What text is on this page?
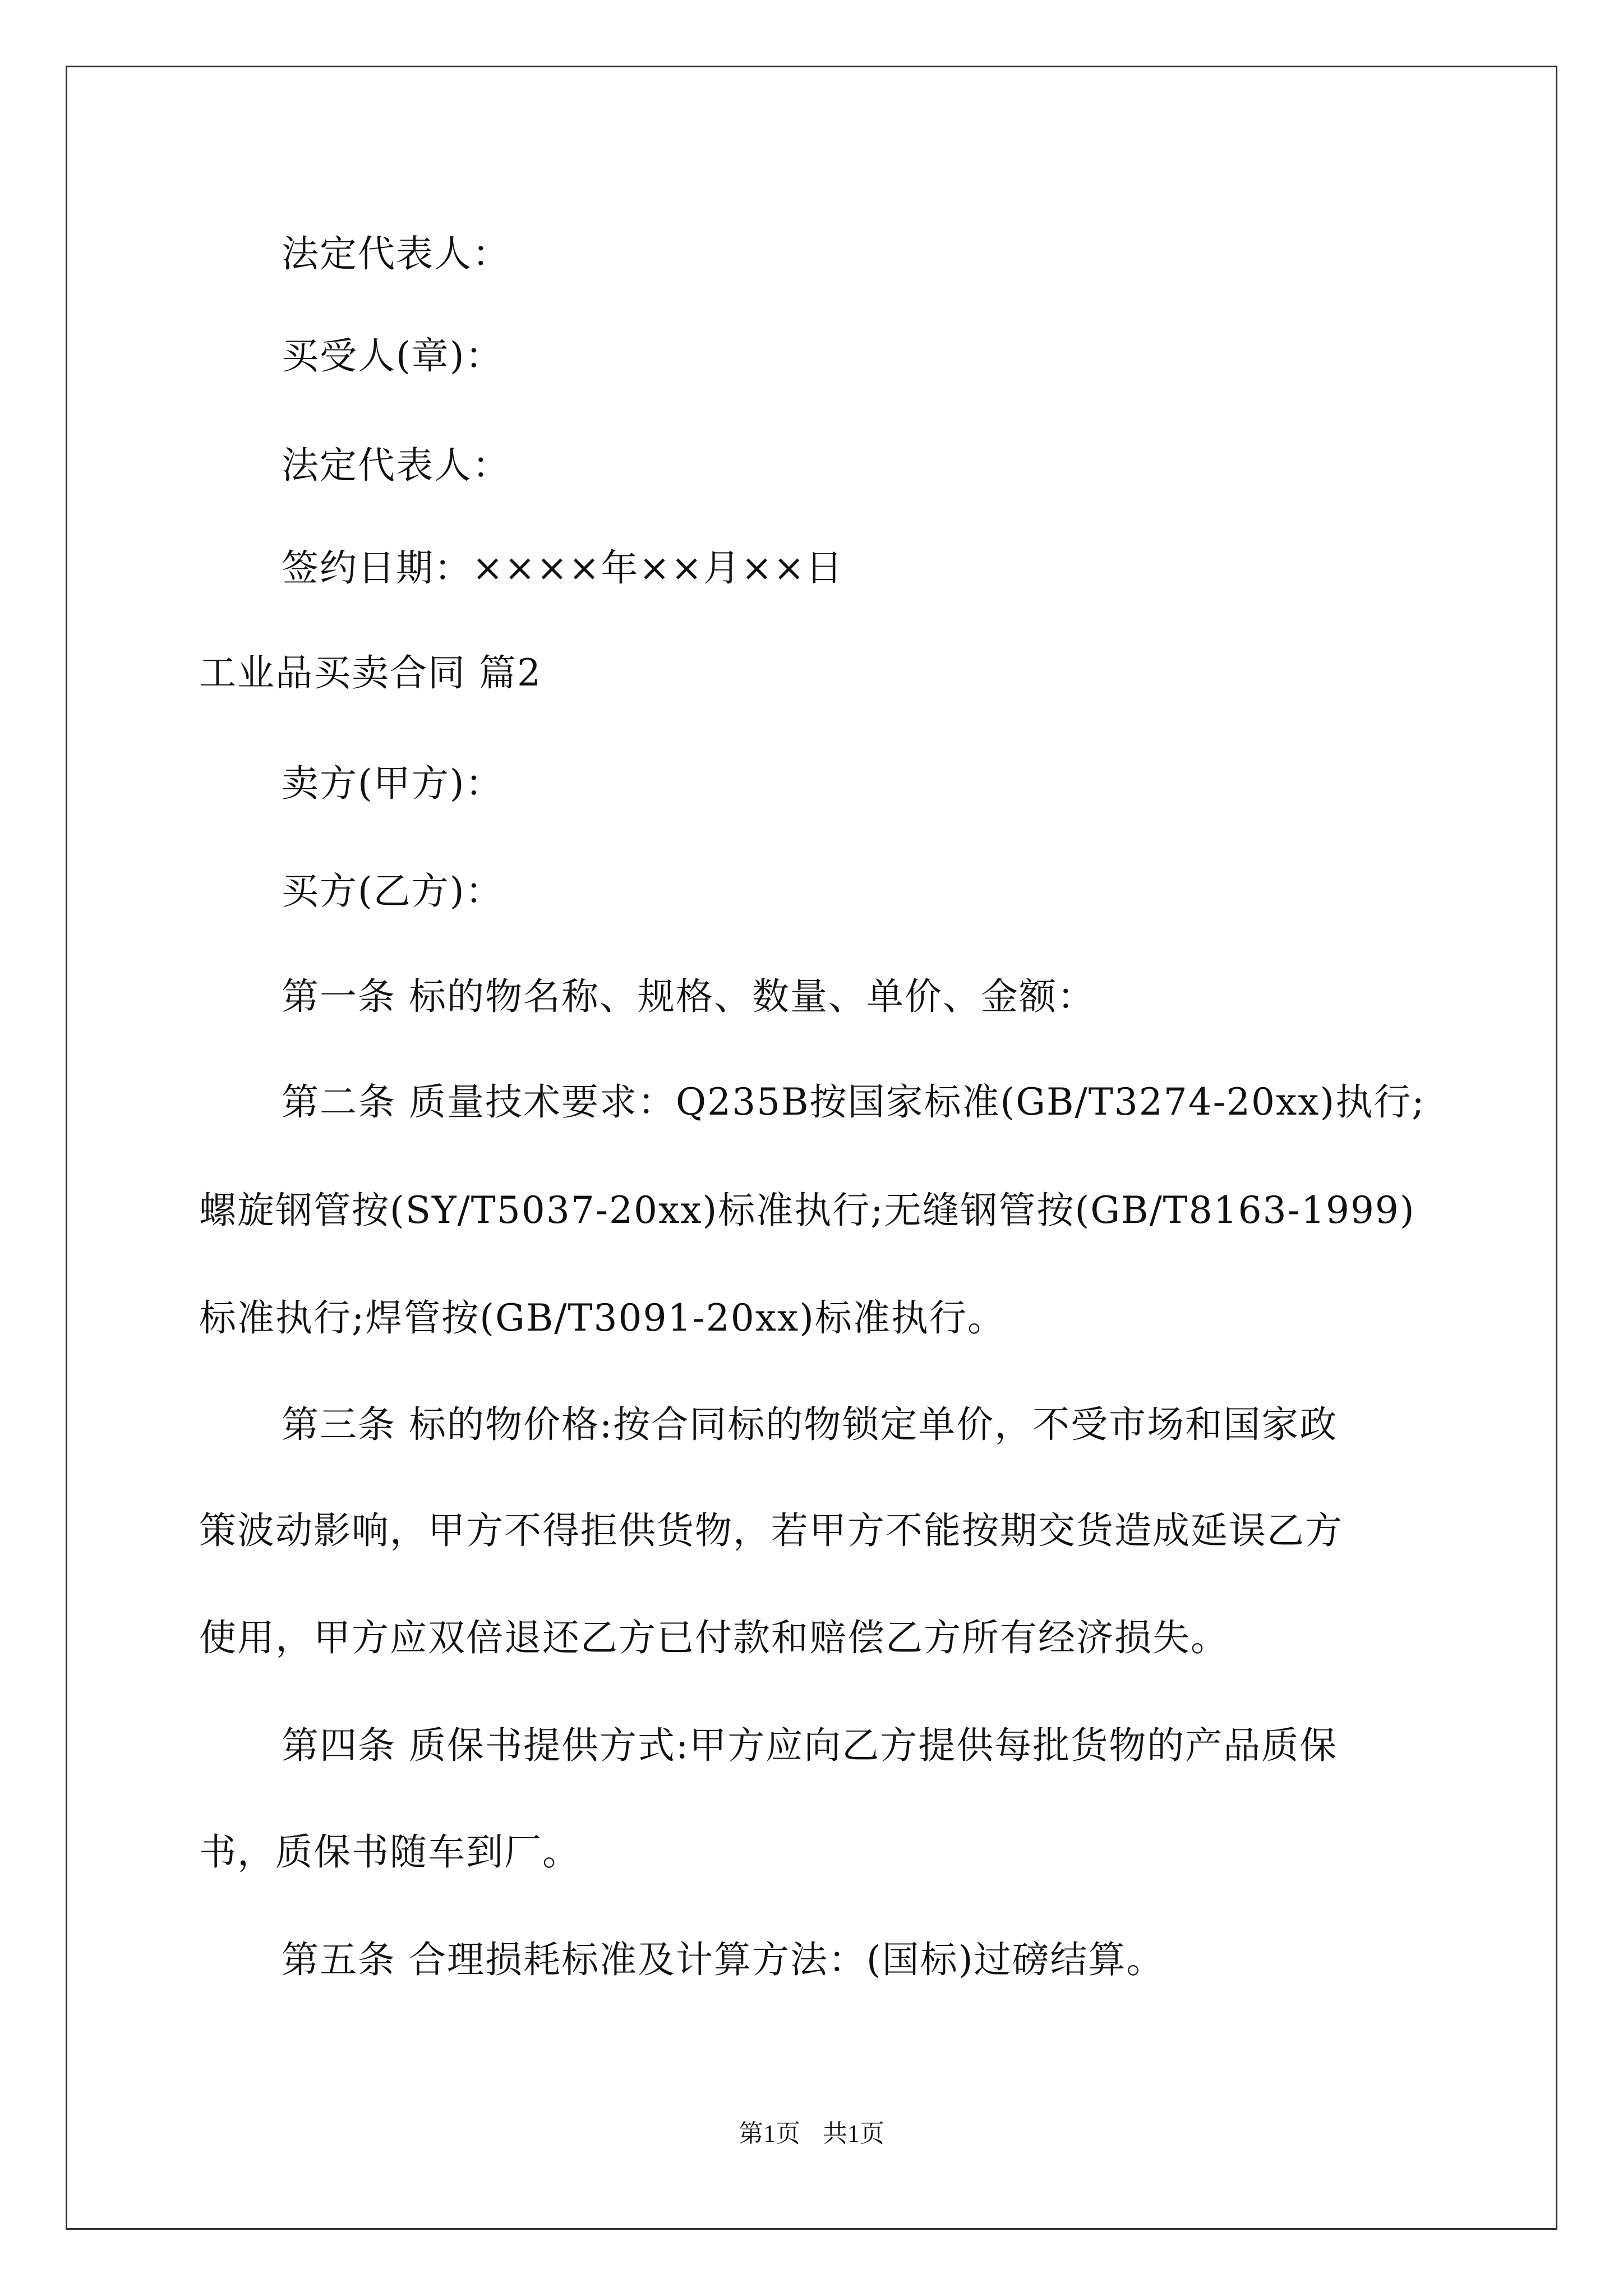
法定代表人：
买受人(章)：
法定代表人：
签约日期：××××年××月××日
工业品买卖合同 篇2
卖方(甲方)：
买方(乙方)：
第一条 标的物名称、规格、数量、单价、金额：
第二条 质量技术要求：Q235B按国家标准(GB/T3274-20xx)执行;
螺旋钢管按(SY/T5037-20xx)标准执行;无缝钢管按(GB/T8163-1999)
标准执行;焊管按(GB/T3091-20xx)标准执行。
第三条 标的物价格:按合同标的物锁定单价，不受市场和国家政
策波动影响，甲方不得拒供货物，若甲方不能按期交货造成延误乙方
使用，甲方应双倍退还乙方已付款和赔偿乙方所有经济损失。
第四条 质保书提供方式:甲方应向乙方提供每批货物的产品质保
书，质保书随车到厂。
第五条 合理损耗标准及计算方法：(国标)过磅结算。
第1页 共1页
